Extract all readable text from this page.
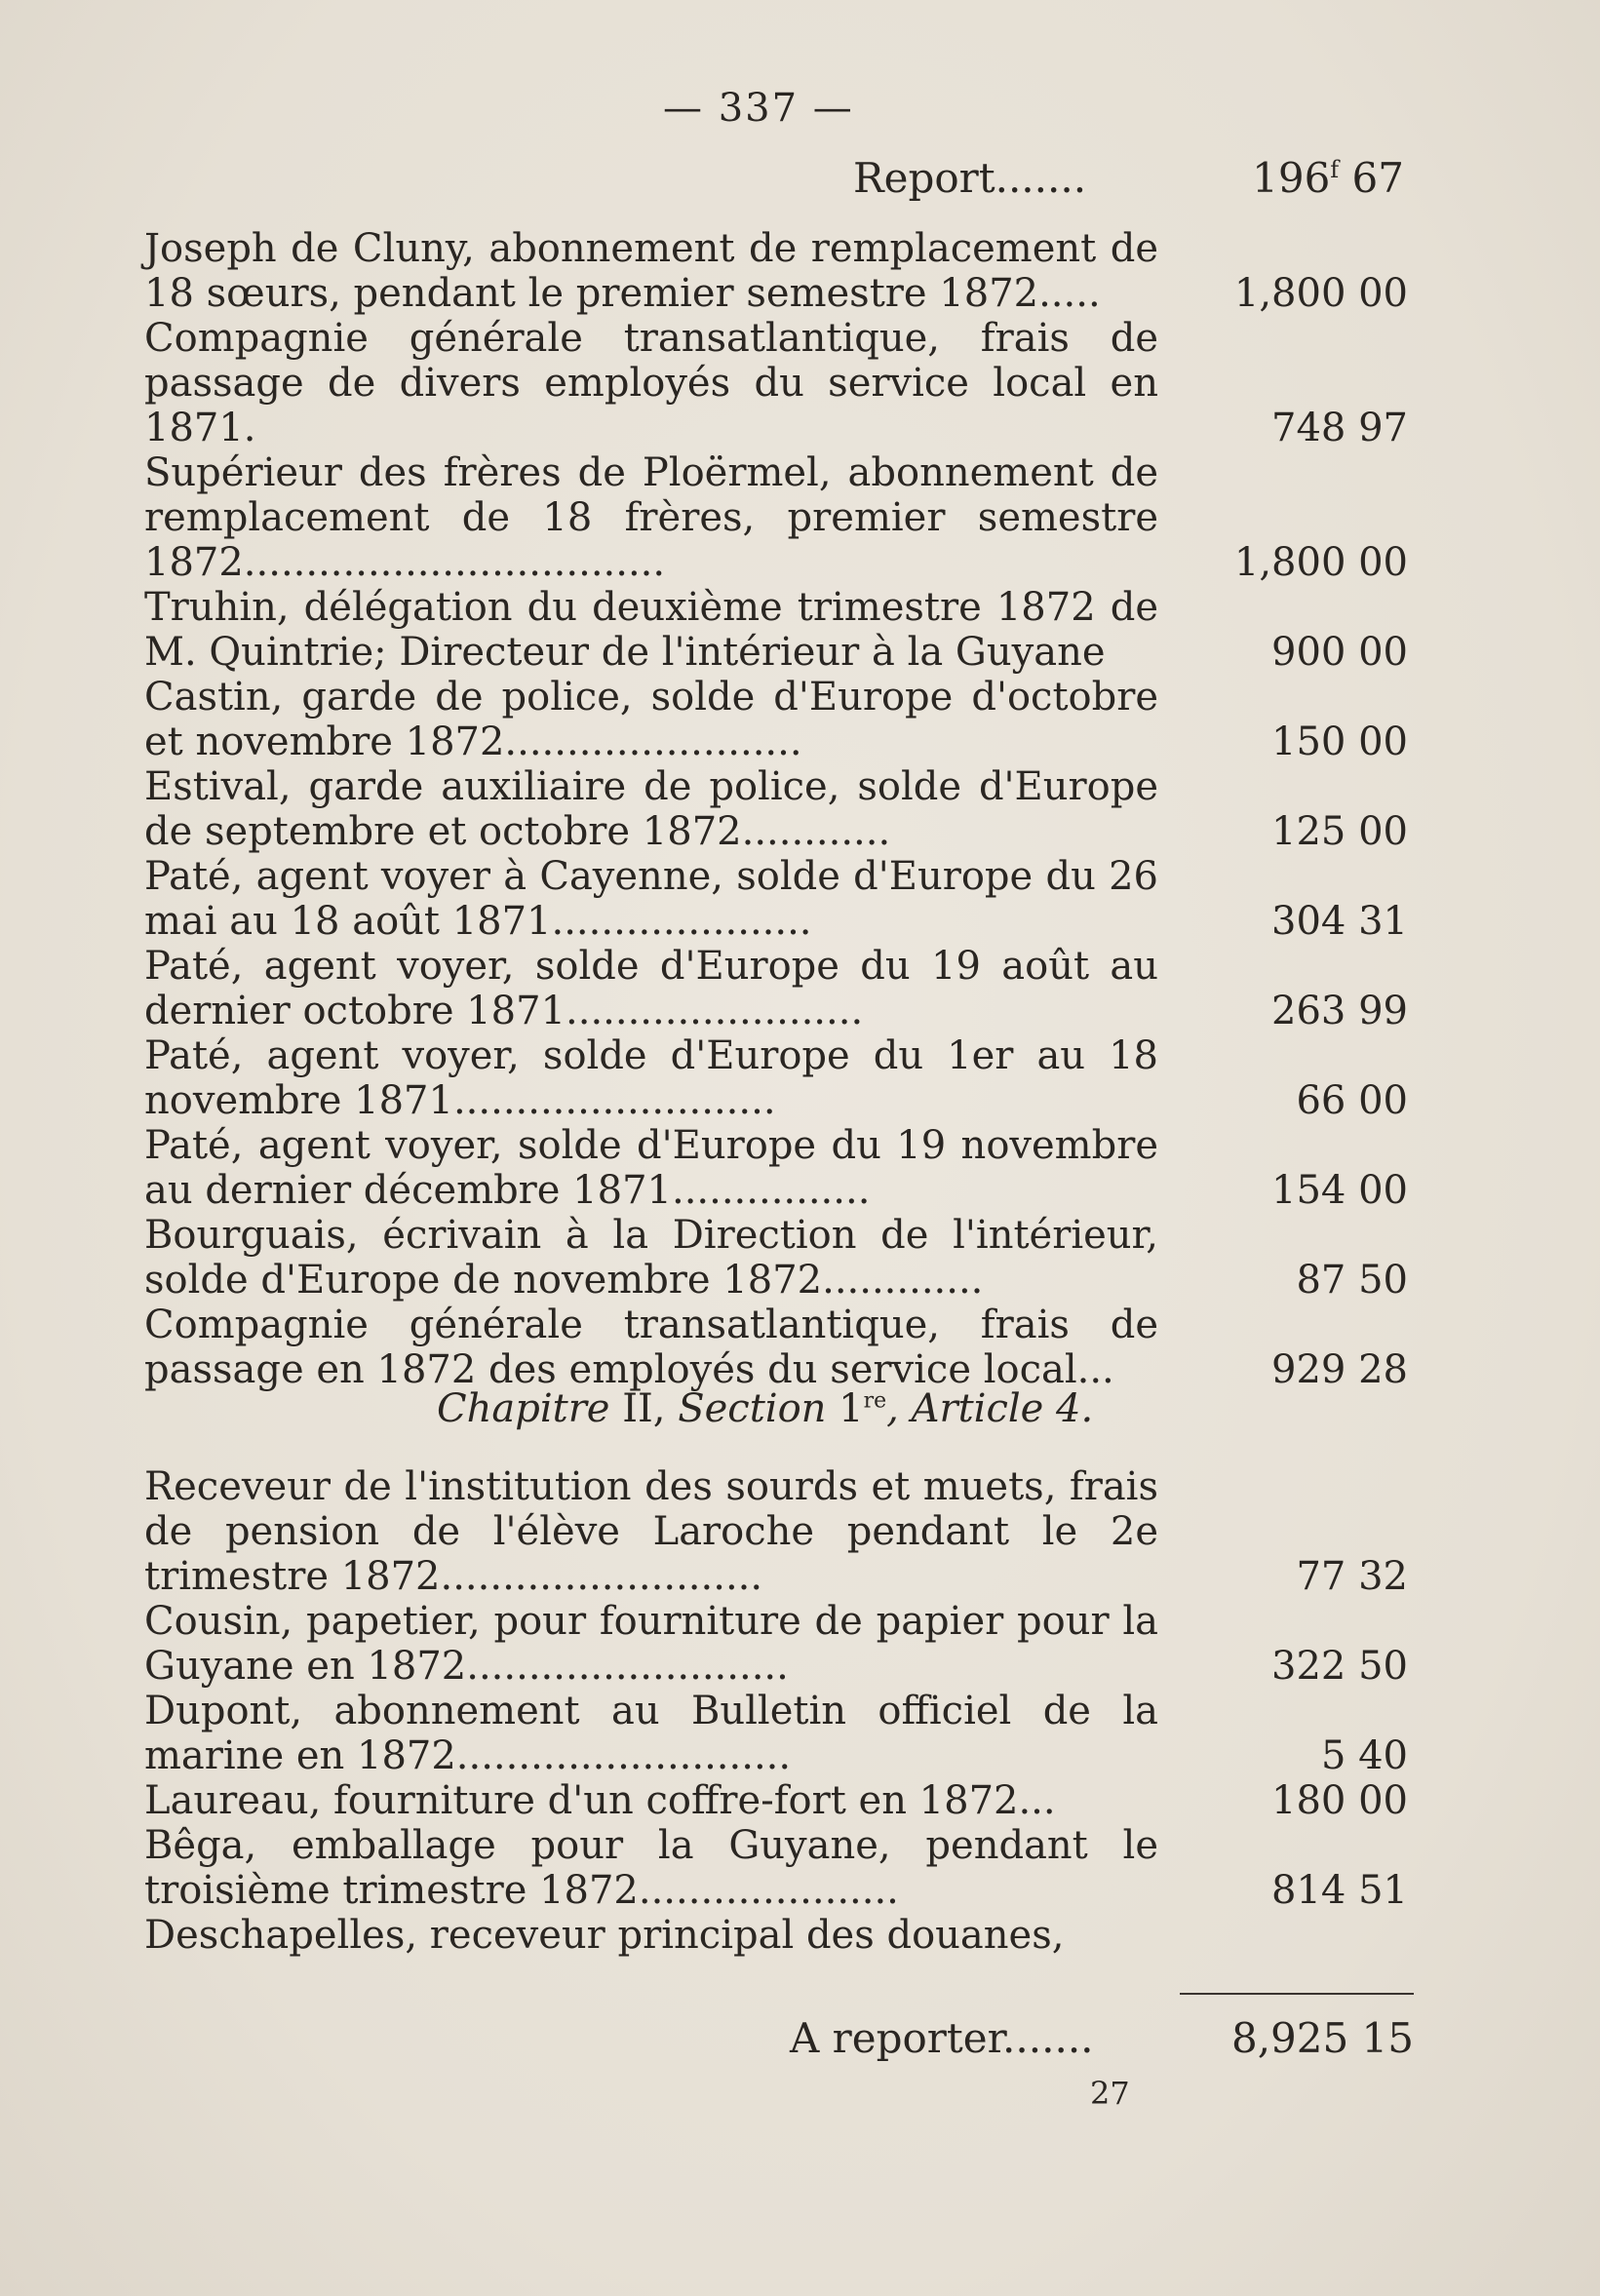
— 337 —
Report.......	196$^f$ 67
Joseph de Cluny, abonnement de remplacement de 18 sœurs, pendant le premier semestre 1872.....	1,800 00
Compagnie générale transatlantique, frais de passage de divers employés du service local en 1871.	748 97
Supérieur des frères de Ploërmel, abonnement de remplacement de 18 frères, premier semestre 1872..................................	1,800 00
Truhin, délégation du deuxième trimestre 1872 de M. Quintrie; Directeur de l'intérieur à la Guyane	900 00
Castin, garde de police, solde d'Europe d'octobre et novembre 1872........................	150 00
Estival, garde auxiliaire de police, solde d'Europe de septembre et octobre 1872............	125 00
Paté, agent voyer à Cayenne, solde d'Europe du 26 mai au 18 août 1871.....................	304 31
Paté, agent voyer, solde d'Europe du 19 août au dernier octobre 1871........................	263 99
Paté, agent voyer, solde d'Europe du 1er au 18 novembre 1871..........................	66 00
Paté, agent voyer, solde d'Europe du 19 novembre au dernier décembre 1871................	154 00
Bourguais, écrivain à la Direction de l'intérieur, solde d'Europe de novembre 1872.............	87 50
Compagnie générale transatlantique, frais de passage en 1872 des employés du service local...	929 28
Chapitre II, Section 1re, Article 4.
Receveur de l'institution des sourds et muets, frais de pension de l'élève Laroche pendant le 2e trimestre 1872..........................	77 32
Cousin, papetier, pour fourniture de papier pour la Guyane en 1872..........................	322 50
Dupont, abonnement au Bulletin officiel de la marine en 1872...........................	5 40
Laureau, fourniture d'un coffre-fort en 1872...	180 00
Bêga, emballage pour la Guyane, pendant le troisième trimestre 1872.....................	814 51
Deschapelles, receveur principal des douanes,
A reporter.......	8,925 15
27
